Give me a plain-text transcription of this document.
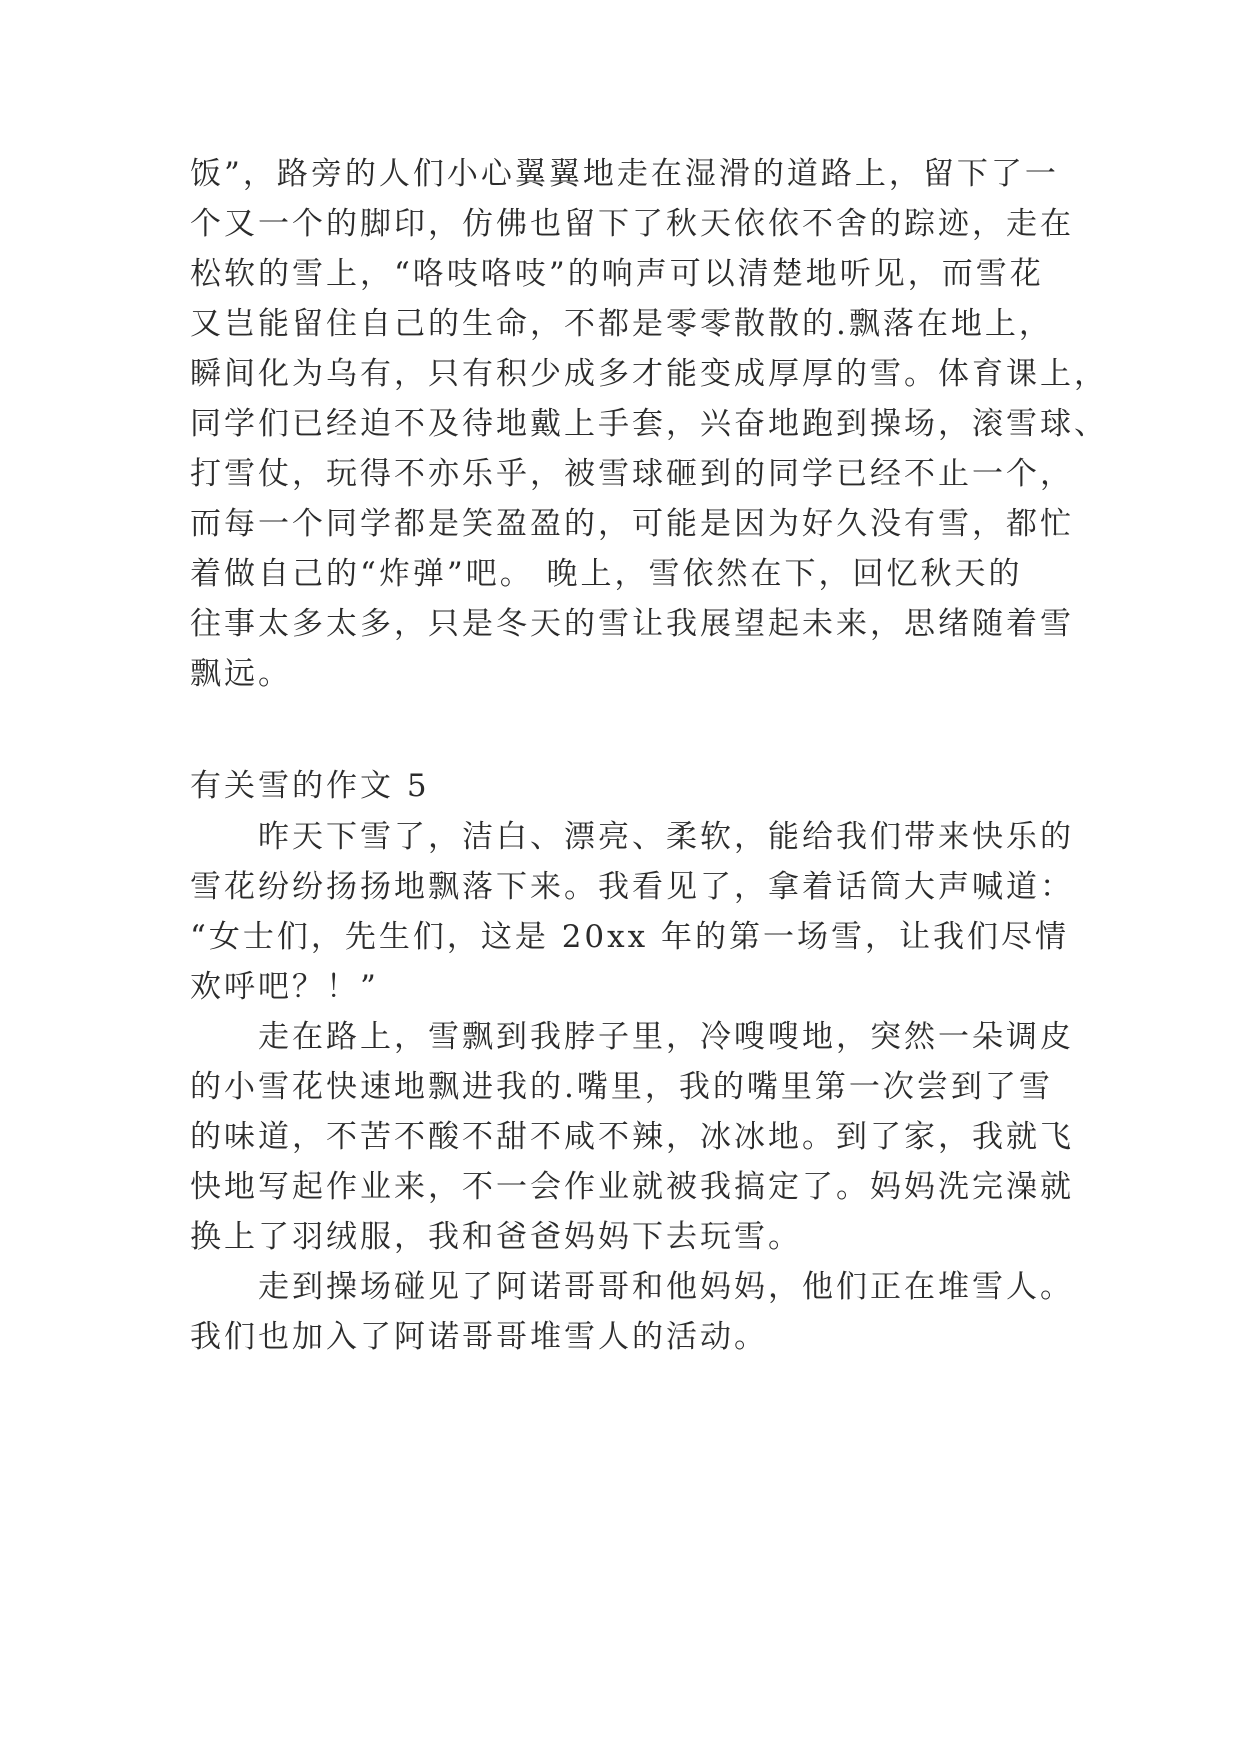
饭”，路旁的人们小心翼翼地走在湿滑的道路上，留下了一
个又一个的脚印，仿佛也留下了秋天依依不舍的踪迹，走在
松软的雪上，“咯吱咯吱”的响声可以清楚地听见，而雪花
又岂能留住自己的生命，不都是零零散散的.飘落在地上，
瞬间化为乌有，只有积少成多才能变成厚厚的雪。体育课上，
同学们已经迫不及待地戴上手套，兴奋地跑到操场，滚雪球、
打雪仗，玩得不亦乐乎，被雪球砸到的同学已经不止一个，
而每一个同学都是笑盈盈的，可能是因为好久没有雪，都忙
着做自己的“炸弹”吧。 晚上，雪依然在下，回忆秋天的
往事太多太多，只是冬天的雪让我展望起未来，思绪随着雪
飘远。
有关雪的作文 5
　　昨天下雪了，洁白、漂亮、柔软，能给我们带来快乐的
雪花纷纷扬扬地飘落下来。我看见了，拿着话筒大声喊道：
“女士们，先生们，这是 20xx 年的第一场雪，让我们尽情
欢呼吧？！”
　　走在路上，雪飘到我脖子里，冷嗖嗖地，突然一朵调皮
的小雪花快速地飘进我的.嘴里，我的嘴里第一次尝到了雪
的味道，不苦不酸不甜不咸不辣，冰冰地。到了家，我就飞
快地写起作业来，不一会作业就被我搞定了。妈妈洗完澡就
换上了羽绒服，我和爸爸妈妈下去玩雪。
　　走到操场碰见了阿诺哥哥和他妈妈，他们正在堆雪人。
我们也加入了阿诺哥哥堆雪人的活动。
